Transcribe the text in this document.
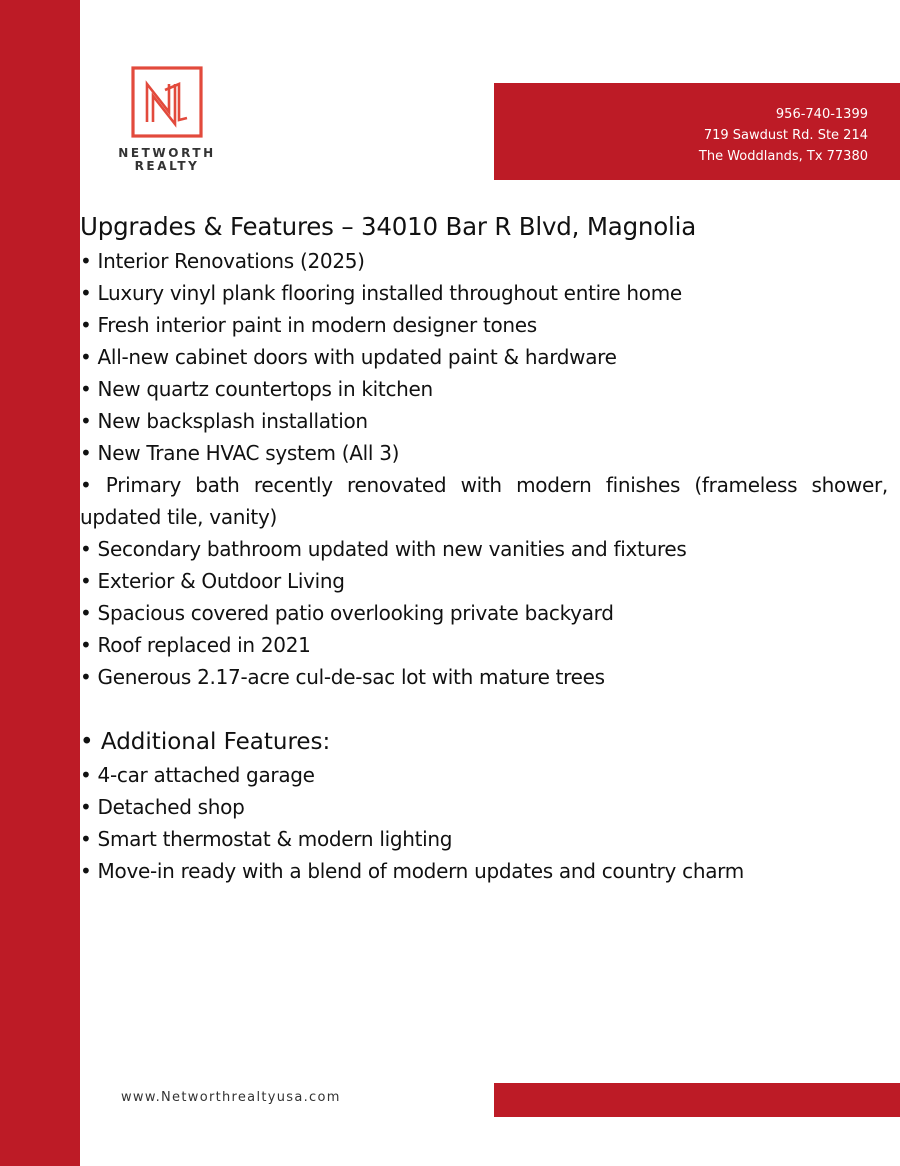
NETWORTH
REALTY
956-740-1399
719 Sawdust Rd. Ste 214
The Woddlands, Tx 77380
Upgrades & Features – 34010 Bar R Blvd, Magnolia
• Interior Renovations (2025)
• Luxury vinyl plank flooring installed throughout entire home
• Fresh interior paint in modern designer tones
• All-new cabinet doors with updated paint & hardware
• New quartz countertops in kitchen
• New backsplash installation
• New Trane HVAC system (All 3)
• Primary bath recently renovated with modern finishes (frameless shower, updated tile, vanity)
• Secondary bathroom updated with new vanities and fixtures
• Exterior & Outdoor Living
• Spacious covered patio overlooking private backyard
• Roof replaced in 2021
• Generous 2.17-acre cul-de-sac lot with mature trees
• Additional Features:
• 4-car attached garage
• Detached shop
• Smart thermostat & modern lighting
• Move-in ready with a blend of modern updates and country charm
www.Networthrealtyusa.com
